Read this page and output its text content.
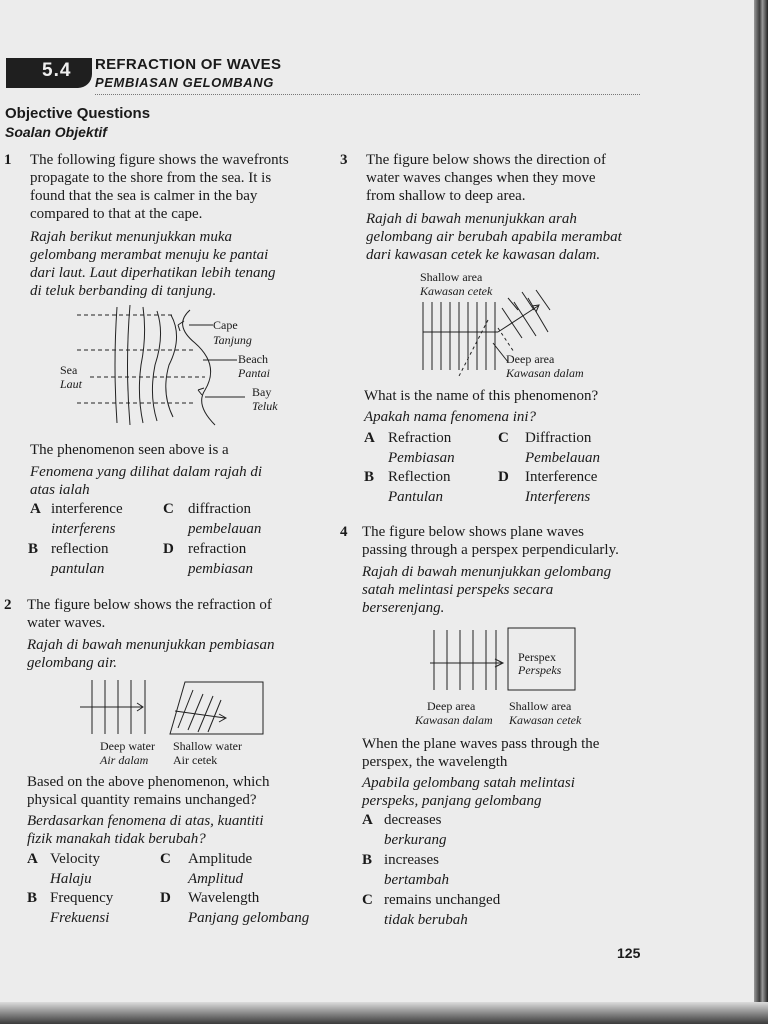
5.4 REFRACTION OF WAVES
PEMBIASAN GELOMBANG
Objective Questions
Soalan Objektif
1 The following figure shows the wavefronts
propagate to the shore from the sea. It is
found that the sea is calmer in the bay
compared to that at the cape.
Rajah berikut menunjukkan muka
gelombang merambat menuju ke pantai
dari laut. Laut diperhatikan lebih tenang
di teluk berbanding di tanjung.
Cape
Tanjung
Beach
Pantai
Bay
Teluk
Sea
Laut
The phenomenon seen above is a
Fenomena yang dilihat dalam rajah di
atas ialah
A interference
interferens
B reflection
pantulan
C diffraction
pembelauan
D refraction
pembiasan
2 The figure below shows the refraction of
water waves.
Rajah di bawah menunjukkan pembiasan
gelombang air.
Deep water
Air dalam
Shallow water
Air cetek
Based on the above phenomenon, which
physical quantity remains unchanged?
Berdasarkan fenomena di atas, kuantiti
fizik manakah tidak berubah?
A Velocity
Halaju
B Frequency
Frekuensi
C Amplitude
Amplitud
D Wavelength
Panjang gelombang
3 The figure below shows the direction of
water waves changes when they move
from shallow to deep area.
Rajah di bawah menunjukkan arah
gelombang air berubah apabila merambat
dari kawasan cetek ke kawasan dalam.
Shallow area
Kawasan cetek
Deep area
Kawasan dalam
What is the name of this phenomenon?
Apakah nama fenomena ini?
A Refraction
Pembiasan
B Reflection
Pantulan
C Diffraction
Pembelauan
D Interference
Interferens
4 The figure below shows plane waves
passing through a perspex perpendicularly.
Rajah di bawah menunjukkan gelombang
satah melintasi perspeks secara
berserenjang.
Perspex
Perspeks
Deep area
Kawasan dalam
Shallow area
Kawasan cetek
When the plane waves pass through the
perspex, the wavelength
Apabila gelombang satah melintasi
perspeks, panjang gelombang
A decreases
berkurang
B increases
bertambah
C remains unchanged
tidak berubah
125
